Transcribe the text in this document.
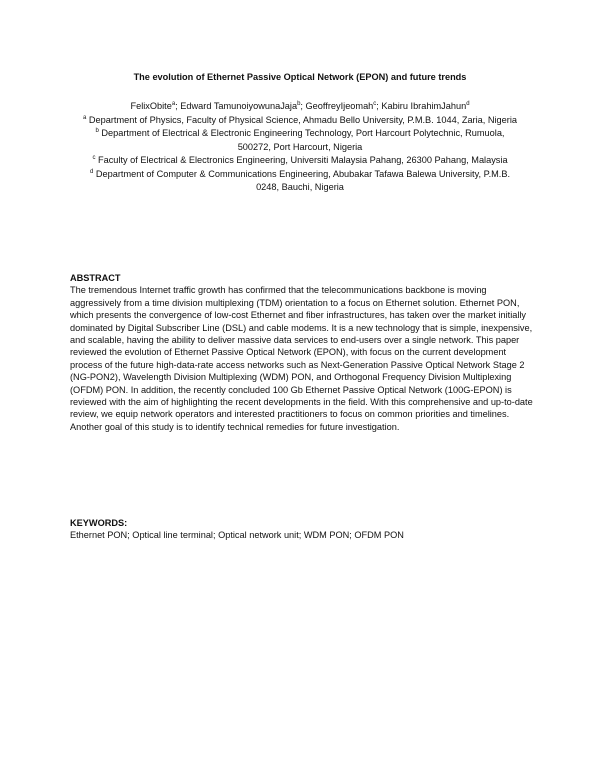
The evolution of Ethernet Passive Optical Network (EPON) and future trends
FelixObite$^a$; Edward TamunoiyowunaJaja$^b$; GeoffreyIjeomah$^c$; Kabiru IbrahimJahun$^d$
$^a$ Department of Physics, Faculty of Physical Science, Ahmadu Bello University, P.M.B. 1044, Zaria, Nigeria
$^b$ Department of Electrical & Electronic Engineering Technology, Port Harcourt Polytechnic, Rumuola, 500272, Port Harcourt, Nigeria
$^c$ Faculty of Electrical & Electronics Engineering, Universiti Malaysia Pahang, 26300 Pahang, Malaysia
$^d$ Department of Computer & Communications Engineering, Abubakar Tafawa Balewa University, P.M.B. 0248, Bauchi, Nigeria

ABSTRACT

The tremendous Internet traffic growth has confirmed that the telecommunications backbone is moving aggressively from a time division multiplexing (TDM) orientation to a focus on Ethernet solution. Ethernet PON, which presents the convergence of low-cost Ethernet and fiber infrastructures, has taken over the market initially dominated by Digital Subscriber Line (DSL) and cable modems. It is a new technology that is simple, inexpensive, and scalable, having the ability to deliver massive data services to end-users over a single network. This paper reviewed the evolution of Ethernet Passive Optical Network (EPON), with focus on the current development process of the future high-data-rate access networks such as Next-Generation Passive Optical Network Stage 2 (NG-PON2), Wavelength Division Multiplexing (WDM) PON, and Orthogonal Frequency Division Multiplexing (OFDM) PON. In addition, the recently concluded 100 Gb Ethernet Passive Optical Network (100G-EPON) is reviewed with the aim of highlighting the recent developments in the field. With this comprehensive and up-to-date review, we equip network operators and interested practitioners to focus on common priorities and timelines. Another goal of this study is to identify technical remedies for future investigation.

KEYWORDS:

Ethernet PON; Optical line terminal; Optical network unit; WDM PON; OFDM PON
